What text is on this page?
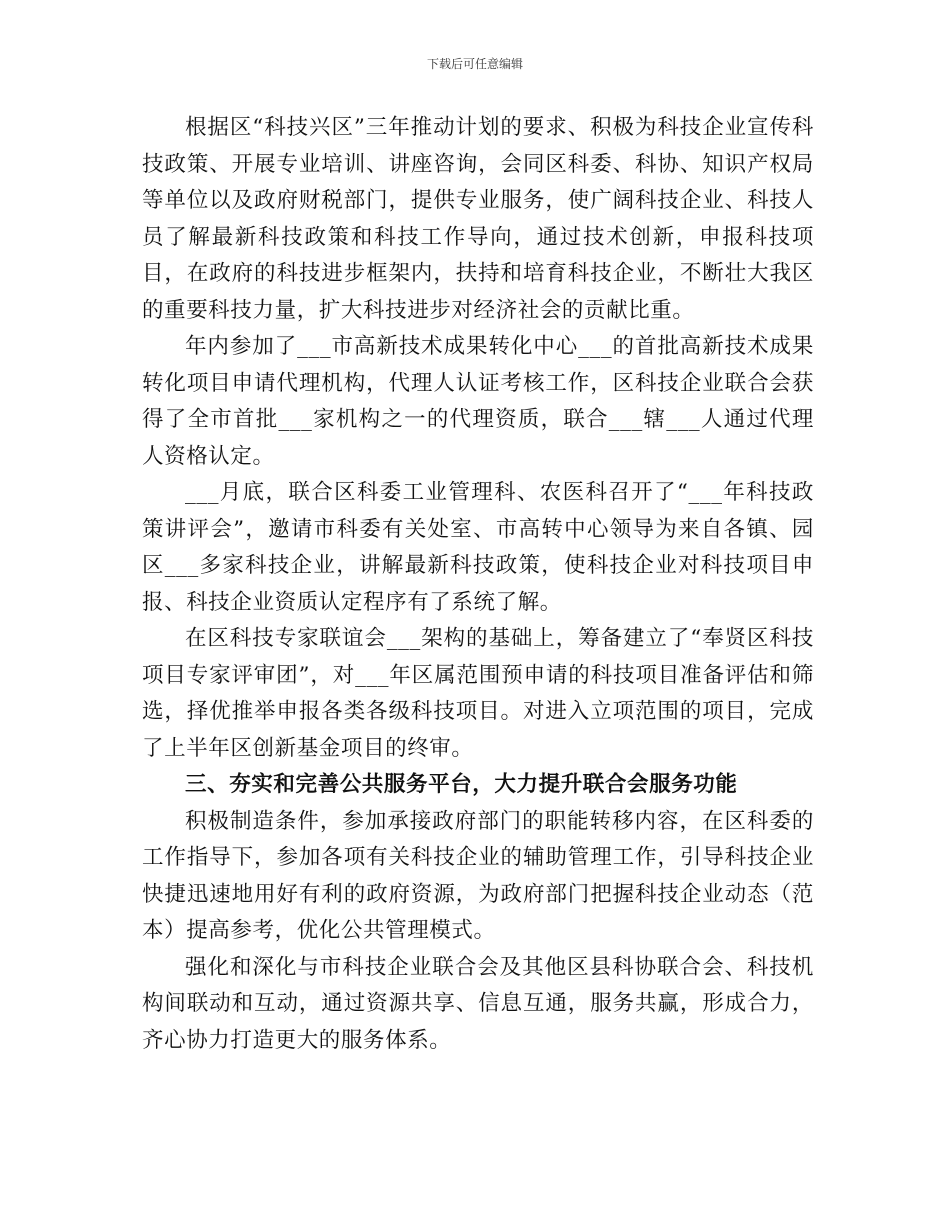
下载后可任意编辑

根据区“科技兴区”三年推动计划的要求、积极为科技企业宣传科技政策、开展专业培训、讲座咨询，会同区科委、科协、知识产权局等单位以及政府财税部门，提供专业服务，使广阔科技企业、科技人员了解最新科技政策和科技工作导向，通过技术创新，申报科技项目，在政府的科技进步框架内，扶持和培育科技企业，不断壮大我区的重要科技力量，扩大科技进步对经济社会的贡献比重。

年内参加了___市高新技术成果转化中心___的首批高新技术成果转化项目申请代理机构，代理人认证考核工作，区科技企业联合会获得了全市首批___家机构之一的代理资质，联合___辖___人通过代理人资格认定。

___月底，联合区科委工业管理科、农医科召开了“___年科技政策讲评会”，邀请市科委有关处室、市高转中心领导为来自各镇、园区___多家科技企业，讲解最新科技政策，使科技企业对科技项目申报、科技企业资质认定程序有了系统了解。

在区科技专家联谊会___架构的基础上，筹备建立了“奉贤区科技项目专家评审团”，对___年区属范围预申请的科技项目准备评估和筛选，择优推举申报各类各级科技项目。对进入立项范围的项目，完成了上半年区创新基金项目的终审。

三、夯实和完善公共服务平台，大力提升联合会服务功能

积极制造条件，参加承接政府部门的职能转移内容，在区科委的工作指导下，参加各项有关科技企业的辅助管理工作，引导科技企业快捷迅速地用好有利的政府资源，为政府部门把握科技企业动态（范本）提高参考，优化公共管理模式。

强化和深化与市科技企业联合会及其他区县科协联合会、科技机构间联动和互动，通过资源共享、信息互通，服务共赢，形成合力，齐心协力打造更大的服务体系。
